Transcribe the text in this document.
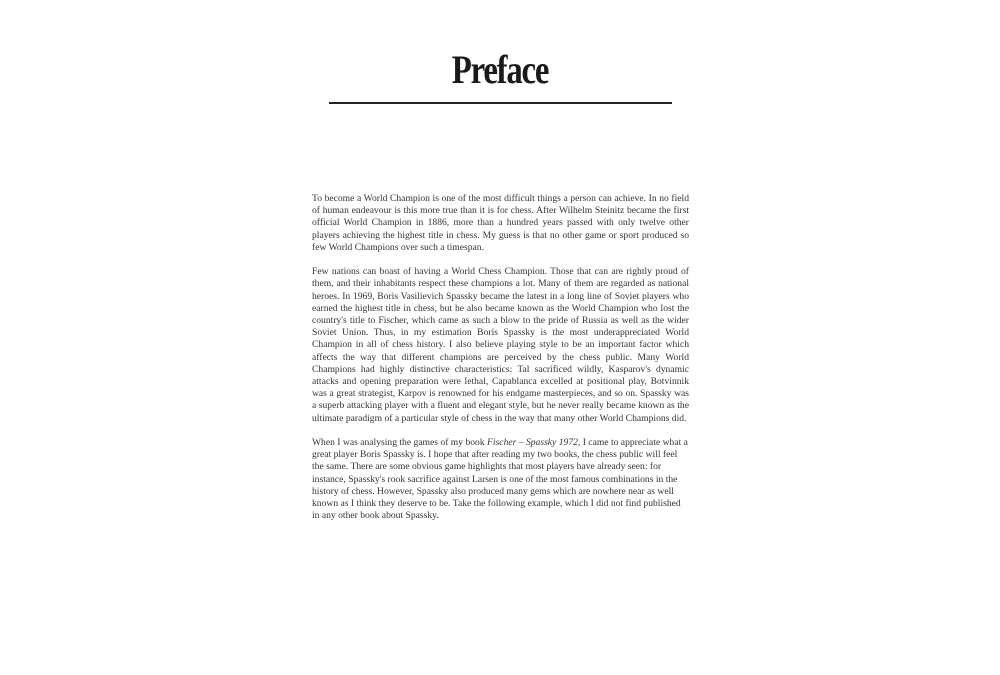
Preface

To become a World Champion is one of the most difficult things a person can achieve. In no field of human endeavour is this more true than it is for chess. After Wilhelm Steinitz became the first official World Champion in 1886, more than a hundred years passed with only twelve other players achieving the highest title in chess. My guess is that no other game or sport produced so few World Champions over such a timespan.

Few nations can boast of having a World Chess Champion. Those that can are rightly proud of them, and their inhabitants respect these champions a lot. Many of them are regarded as national heroes. In 1969, Boris Vasilievich Spassky became the latest in a long line of Soviet players who earned the highest title in chess, but he also became known as the World Champion who lost the country's title to Fischer, which came as such a blow to the pride of Russia as well as the wider Soviet Union. Thus, in my estimation Boris Spassky is the most underappreciated World Champion in all of chess history. I also believe playing style to be an important factor which affects the way that different champions are perceived by the chess public. Many World Champions had highly distinctive characteristics: Tal sacrificed wildly, Kasparov's dynamic attacks and opening preparation were lethal, Capablanca excelled at positional play, Botvinnik was a great strategist, Karpov is renowned for his endgame masterpieces, and so on. Spassky was a superb attacking player with a fluent and elegant style, but he never really became known as the ultimate paradigm of a particular style of chess in the way that many other World Champions did.

When I was analysing the games of my book Fischer – Spassky 1972, I came to appreciate what a great player Boris Spassky is. I hope that after reading my two books, the chess public will feel the same. There are some obvious game highlights that most players have already seen: for instance, Spassky's rook sacrifice against Larsen is one of the most famous combinations in the history of chess. However, Spassky also produced many gems which are nowhere near as well known as I think they deserve to be. Take the following example, which I did not find published in any other book about Spassky.
